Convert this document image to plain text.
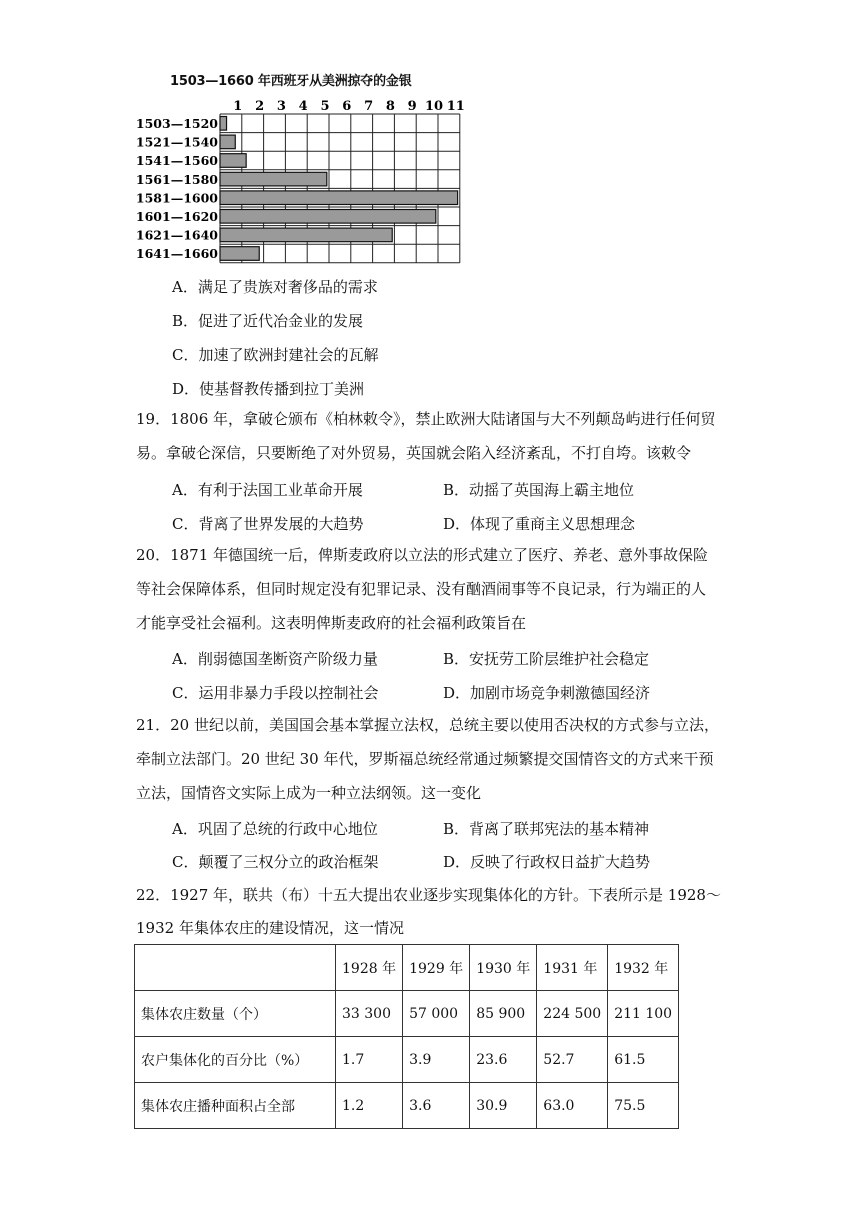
1503—1660 年西班牙从美洲掠夺的金银
1 2 3 4 5 6 7 8 9 10 11
1503—1520
1521—1540
1541—1560
1561—1580
1581—1600
1601—1620
1621—1640
1641—1660
A．满足了贵族对奢侈品的需求
B．促进了近代冶金业的发展
C．加速了欧洲封建社会的瓦解
D．使基督教传播到拉丁美洲
19．1806 年，拿破仑颁布《柏林敕令》，禁止欧洲大陆诸国与大不列颠岛屿进行任何贸
易。拿破仑深信，只要断绝了对外贸易，英国就会陷入经济紊乱，不打自垮。该敕令
A．有利于法国工业革命开展	B．动摇了英国海上霸主地位
C．背离了世界发展的大趋势	D．体现了重商主义思想理念
20．1871 年德国统一后，俾斯麦政府以立法的形式建立了医疗、养老、意外事故保险
等社会保障体系，但同时规定没有犯罪记录、没有酗酒闹事等不良记录，行为端正的人
才能享受社会福利。这表明俾斯麦政府的社会福利政策旨在
A．削弱德国垄断资产阶级力量	B．安抚劳工阶层维护社会稳定
C．运用非暴力手段以控制社会	D．加剧市场竞争刺激德国经济
21．20 世纪以前，美国国会基本掌握立法权，总统主要以使用否决权的方式参与立法，
牵制立法部门。20 世纪 30 年代，罗斯福总统经常通过频繁提交国情咨文的方式来干预
立法，国情咨文实际上成为一种立法纲领。这一变化
A．巩固了总统的行政中心地位	B．背离了联邦宪法的基本精神
C．颠覆了三权分立的政治框架	D．反映了行政权日益扩大趋势
22．1927 年，联共（布）十五大提出农业逐步实现集体化的方针。下表所示是 1928～
1932 年集体农庄的建设情况，这一情况
	1928 年	1929 年	1930 年	1931 年	1932 年
集体农庄数量（个）	33 300	57 000	85 900	224 500	211 100
农户集体化的百分比（%）	1.7	3.9	23.6	52.7	61.5
集体农庄播种面积占全部	1.2	3.6	30.9	63.0	75.5
